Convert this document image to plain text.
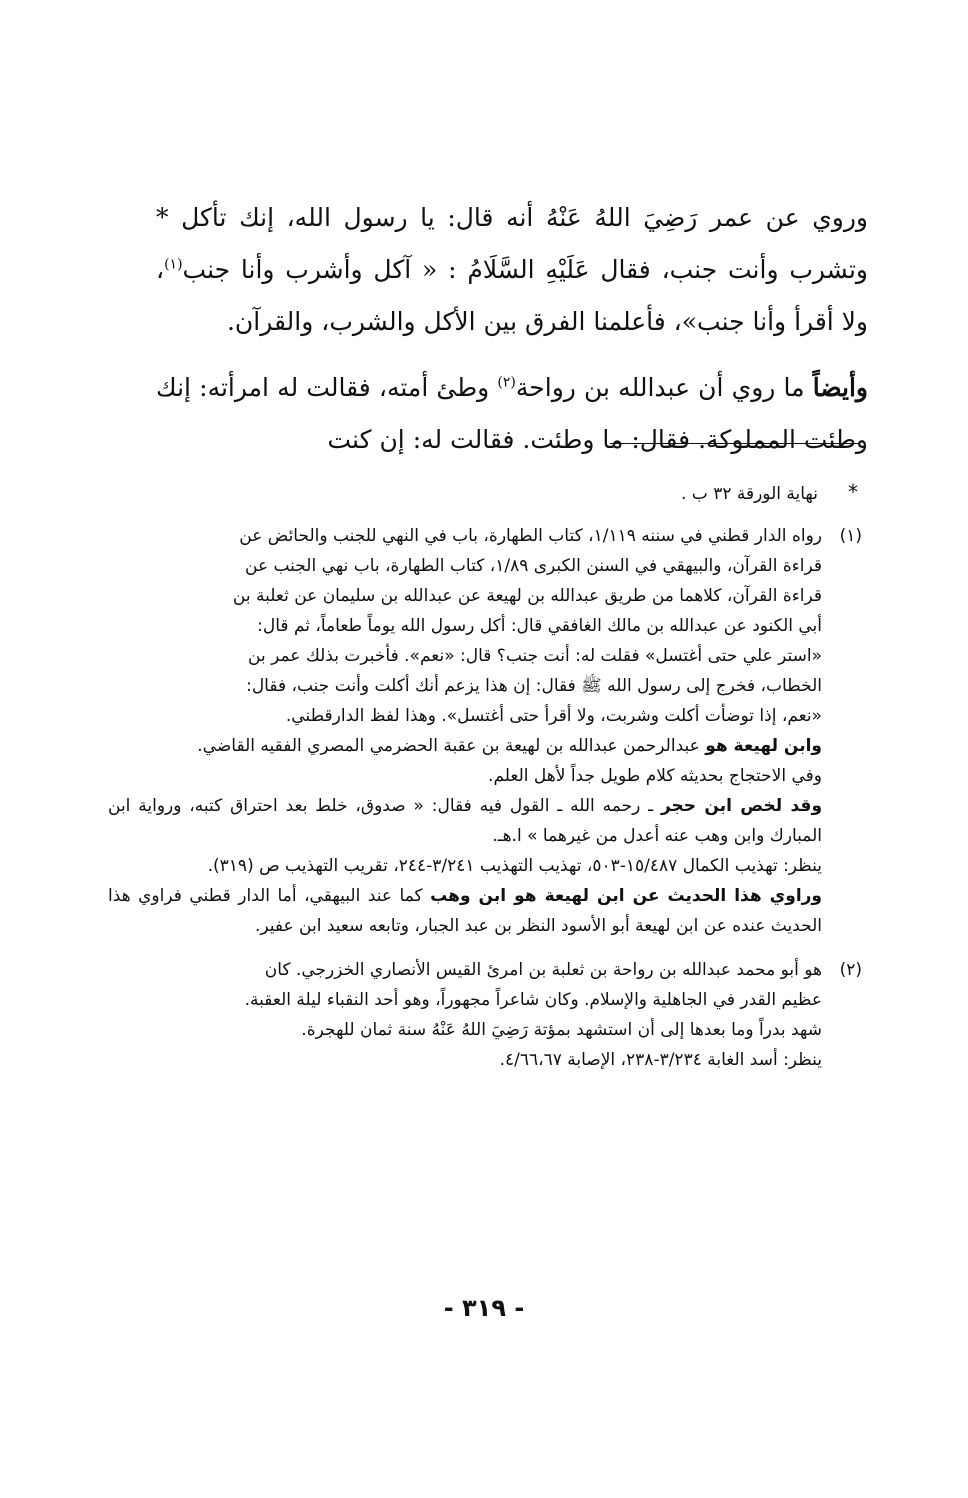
وروي عن عمر رَضِيَ اللهُ عَنْهُ أنه قال: يا رسول الله، إنك تأكل * وتشرب وأنت جنب، فقال عَلَيْهِ السَّلَامُ : « آكل وأشرب وأنا جنب$^{(١)}$، ولا أقرأ وأنا جنب»، فأعلمنا الفرق بين الأكل والشرب، والقرآن.

وأيضاً ما روي أن عبدالله بن رواحة$^{(٢)}$ وطئ أمته، فقالت له امرأته: إنك وطئت المملوكة. فقال: ما وطئت. فقالت له: إن كنت

*نهاية الورقة ٣٢ ب .
(١)
رواه الدار قطني في سننه ١/١١٩، كتاب الطهارة، باب في النهي للجنب والحائض عن
قراءة القرآن، والبيهقي في السنن الكبرى ١/٨٩، كتاب الطهارة، باب نهي الجنب عن
قراءة القرآن، كلاهما من طريق عبدالله بن لهيعة عن عبدالله بن سليمان عن ثعلبة بن
أبي الكنود عن عبدالله بن مالك الغافقي قال: أكل رسول الله يوماً طعاماً، ثم قال:
«استر علي حتى أغتسل» فقلت له: أنت جنب؟ قال: «نعم». فأخبرت بذلك عمر بن
الخطاب، فخرج إلى رسول الله ﷺ فقال: إن هذا يزعم أنك أكلت وأنت جنب، فقال:
«نعم، إذا توضأت أكلت وشربت، ولا أقرأ حتى أغتسل». وهذا لفظ الدارقطني.
وابن لهيعة هو عبدالرحمن عبدالله بن لهيعة بن عقبة الحضرمي المصري الفقيه القاضي.
وفي الاحتجاج بحديثه كلام طويل جداً لأهل العلم.
وقد لخص ابن حجر ـ رحمه الله ـ القول فيه فقال: « صدوق، خلط بعد احتراق كتبه، ورواية ابن المبارك وابن وهب عنه أعدل من غيرهما » ا.هـ.
ينظر: تهذيب الكمال ١٥/٤٨٧-٥٠٣، تهذيب التهذيب ٣/٢٤١-٢٤٤، تقريب التهذيب ص (٣١٩).
وراوي هذا الحديث عن ابن لهيعة هو ابن وهب كما عند البيهقي، أما الدار قطني فراوي هذا الحديث عنده عن ابن لهيعة أبو الأسود النظر بن عبد الجبار، وتابعه سعيد ابن عفير.
(٢)
هو أبو محمد عبدالله بن رواحة بن ثعلبة بن امرئ القيس الأنصاري الخزرجي. كان
عظيم القدر في الجاهلية والإسلام. وكان شاعراً مجهوراً، وهو أحد النقباء ليلة العقبة.
شهد بدراً وما بعدها إلى أن استشهد بمؤتة رَضِيَ اللهُ عَنْهُ سنة ثمان للهجرة.
ينظر: أسد الغابة ٣/٢٣٤-٢٣٨، الإصابة ٤/٦٦،٦٧.
- ٣١٩ -
